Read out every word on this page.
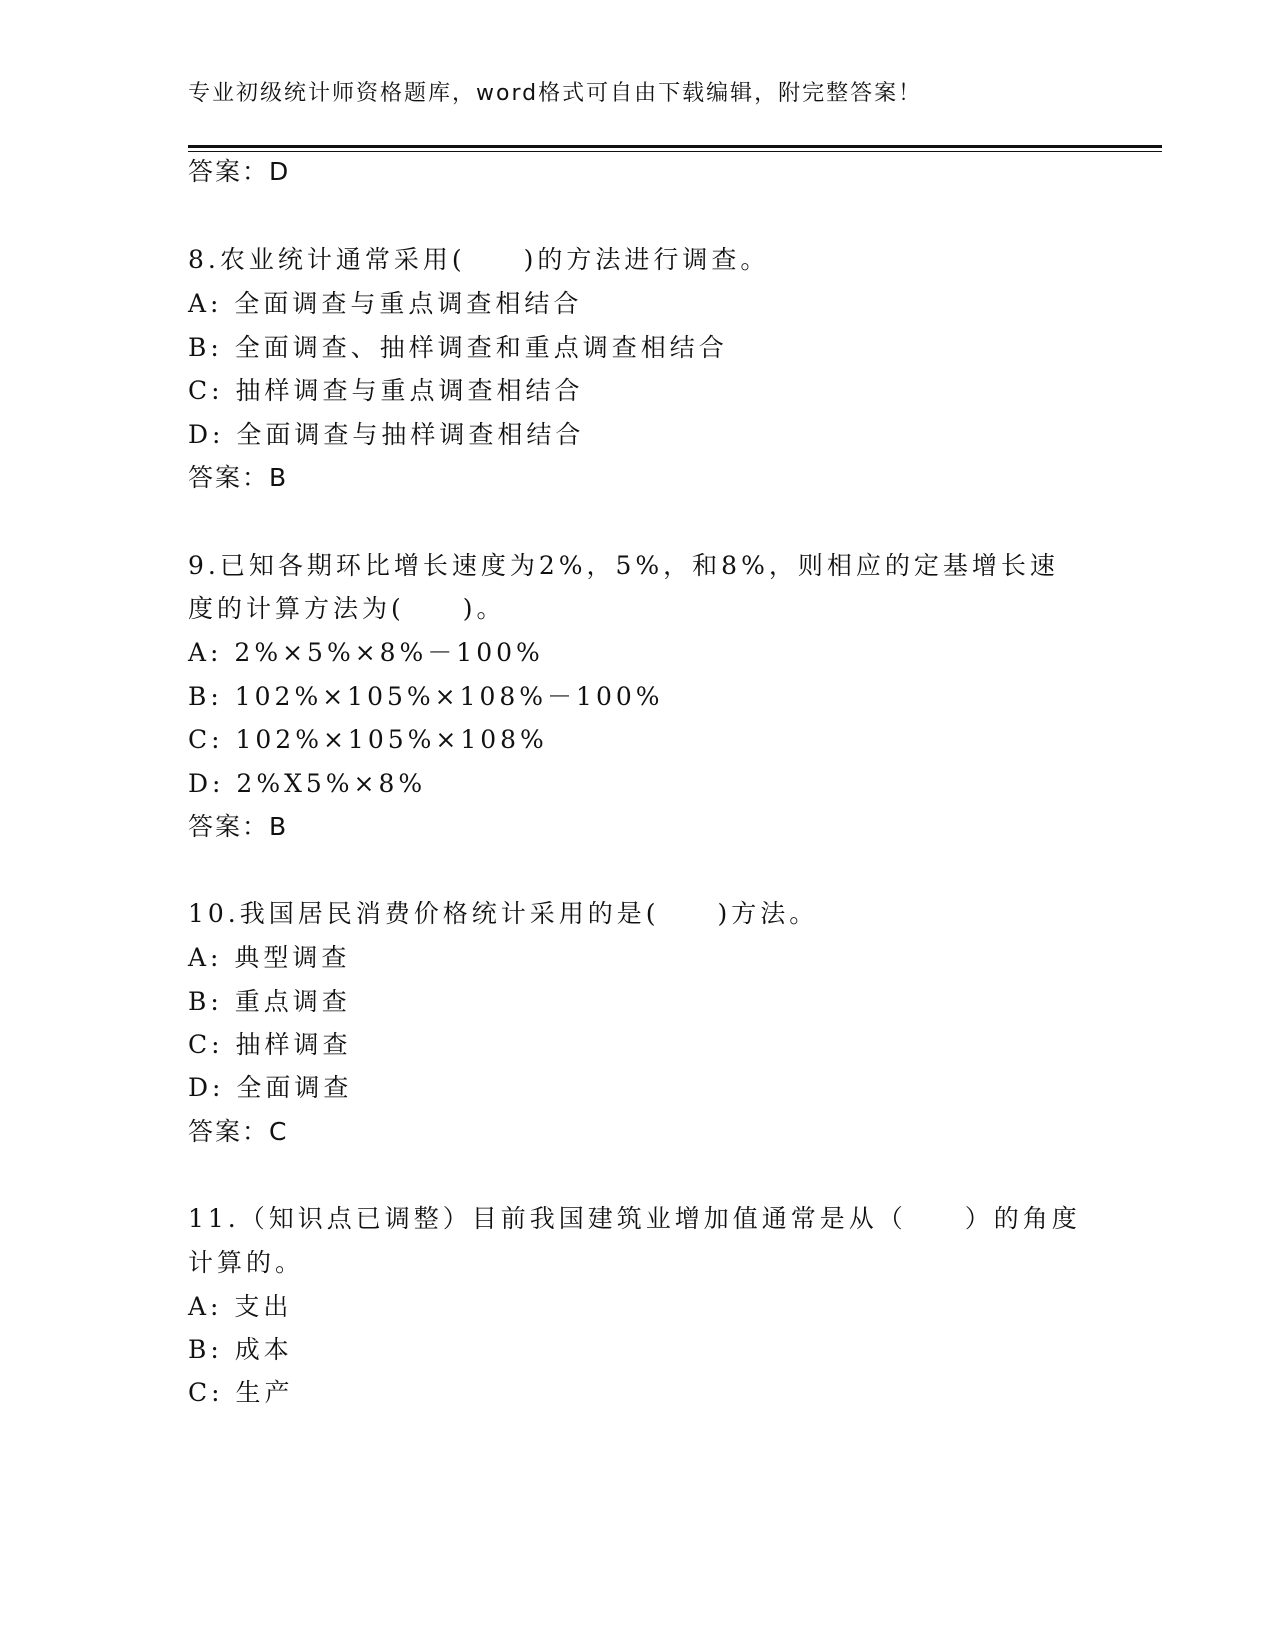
专业初级统计师资格题库，word格式可自由下载编辑，附完整答案！
答案：D
8.农业统计通常采用(　　)的方法进行调查。
A: 全面调查与重点调查相结合
B: 全面调查、抽样调查和重点调查相结合
C: 抽样调查与重点调查相结合
D: 全面调查与抽样调查相结合
答案：B
9.已知各期环比增长速度为2%，5%，和8%，则相应的定基增长速
度的计算方法为(　　)。
A: 2%×5%×8%－100%
B: 102%×105%×108%－100%
C: 102%×105%×108%
D: 2%X5%×8%
答案：B
10.我国居民消费价格统计采用的是(　　)方法。
A: 典型调查
B: 重点调查
C: 抽样调查
D: 全面调查
答案：C
11.（知识点已调整）目前我国建筑业增加值通常是从（　　）的角度
计算的。
A: 支出
B: 成本
C: 生产
